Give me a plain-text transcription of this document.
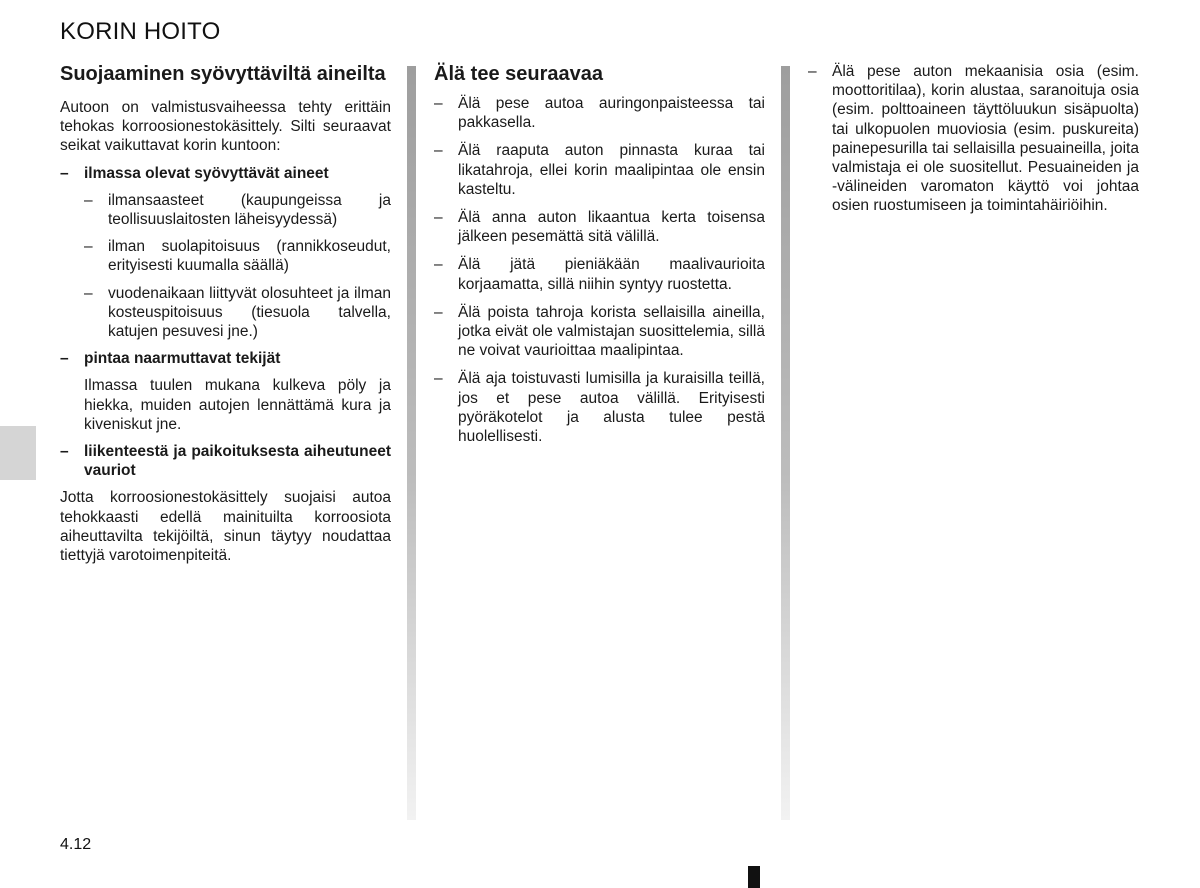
KORIN HOITO
Suojaaminen syövyttäviltä aineilta

Autoon on valmistusvaiheessa tehty erittäin tehokas korroosionestokäsittely. Silti seuraavat seikat vaikuttavat korin kuntoon:

– ilmassa olevat syövyttävät aineet
– ilmansaasteet (kaupungeissa ja teollisuuslaitosten läheisyydessä)
– ilman suolapitoisuus (rannikkoseudut, erityisesti kuumalla säällä)
– vuodenaikaan liittyvät olosuhteet ja ilman kosteuspitoisuus (tiesuola talvella, katujen pesuvesi jne.)
– pintaa naarmuttavat tekijät

Ilmassa tuulen mukana kulkeva pöly ja hiekka, muiden autojen lennättämä kura ja kiveniskut jne.

– liikenteestä ja paikoituksesta aiheutuneet vauriot

Jotta korroosionestokäsittely suojaisi autoa tehokkaasti edellä mainituilta korroosiota aiheuttavilta tekijöiltä, sinun täytyy noudattaa tiettyjä varotoimenpiteitä.

Älä tee seuraavaa
– Älä pese autoa auringonpaisteessa tai pakkasella.
– Älä raaputa auton pinnasta kuraa tai likatahroja, ellei korin maalipintaa ole ensin kasteltu.
– Älä anna auton likaantua kerta toisensa jälkeen pesemättä sitä välillä.
– Älä jätä pieniäkään maalivaurioita korjaamatta, sillä niihin syntyy ruostetta.
– Älä poista tahroja korista sellaisilla aineilla, jotka eivät ole valmistajan suosittelemia, sillä ne voivat vaurioittaa maalipintaa.
– Älä aja toistuvasti lumisilla ja kuraisilla teillä, jos et pese autoa välillä. Erityisesti pyöräkotelot ja alusta tulee pestä huolellisesti.
– Älä pese auton mekaanisia osia (esim. moottoritilaa), korin alustaa, saranoituja osia (esim. polttoaineen täyttöluukun sisäpuolta) tai ulkopuolen muoviosia (esim. puskureita) painepesurilla tai sellaisilla pesuaineilla, joita valmistaja ei ole suositellut. Pesuaineiden ja -välineiden varomaton käyttö voi johtaa osien ruostumiseen ja toimintahäiriöihin.
4.12
